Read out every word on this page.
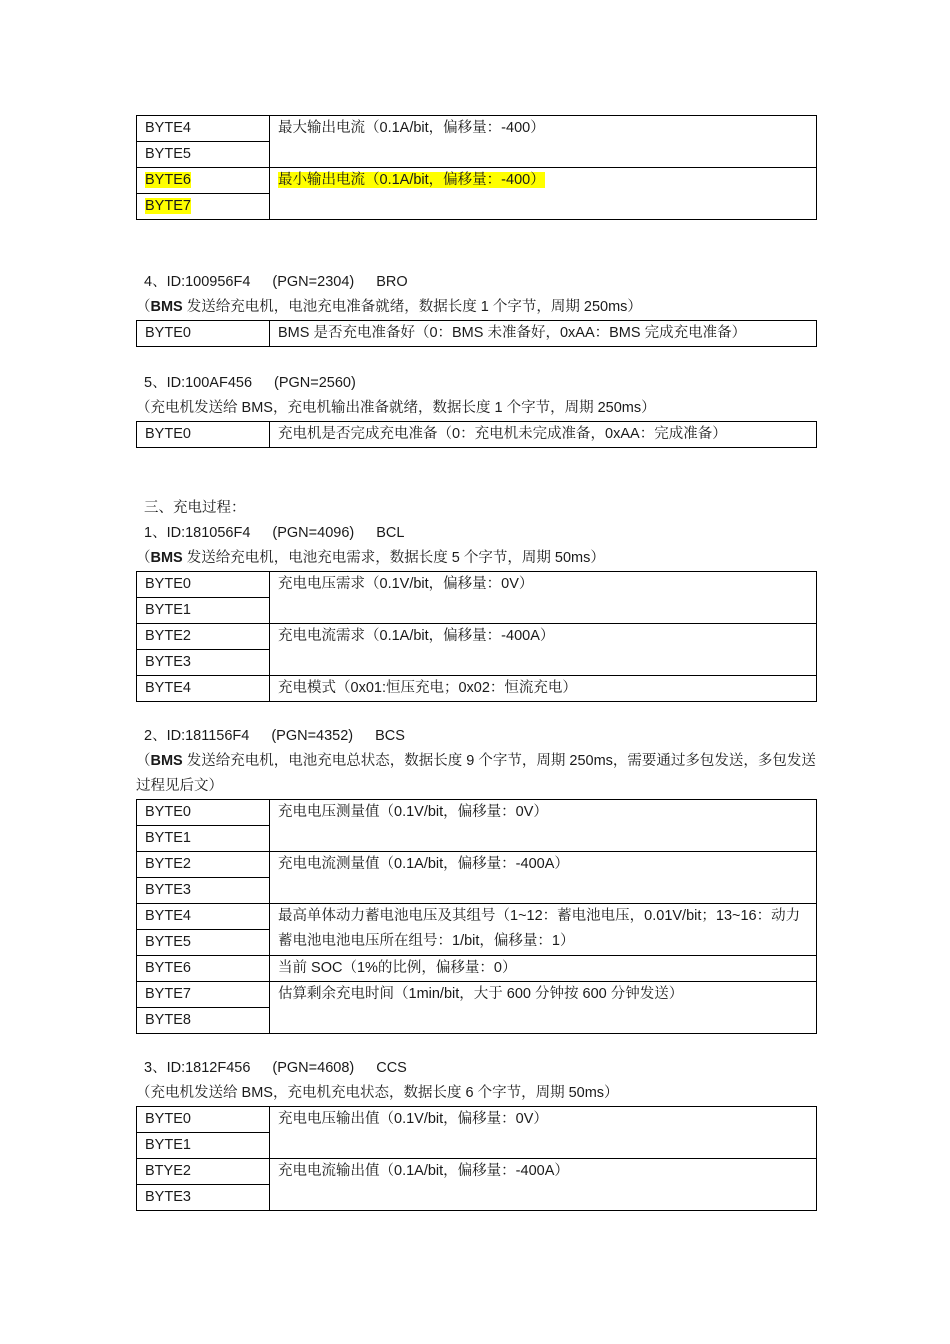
BYTE4	最大输出电流（0.1A/bit，偏移量：-400）
BYTE5	
BYTE6	最小输出电流（0.1A/bit，偏移量：-400）
BYTE7	
4、ID:100956F4 (PGN=2304) BRO
（BMS 发送给充电机，电池充电准备就绪，数据长度 1 个字节，周期 250ms）
BYTE0	BMS 是否充电准备好（0：BMS 未准备好，0xAA：BMS 完成充电准备）
5、ID:100AF456 (PGN=2560)
（充电机发送给 BMS，充电机输出准备就绪，数据长度 1 个字节，周期 250ms）
BYTE0	充电机是否完成充电准备（0：充电机未完成准备，0xAA：完成准备）
三、充电过程：
1、ID:181056F4 (PGN=4096) BCL
（BMS 发送给充电机，电池充电需求，数据长度 5 个字节，周期 50ms）
BYTE0	充电电压需求（0.1V/bit，偏移量：0V）
BYTE1	
BYTE2	充电电流需求（0.1A/bit，偏移量：-400A）
BYTE3	
BYTE4	充电模式（0x01:恒压充电；0x02：恒流充电）
2、ID:181156F4 (PGN=4352) BCS
（BMS 发送给充电机，电池充电总状态，数据长度 9 个字节，周期 250ms，需要通过多包发送，多包发送过程见后文）
BYTE0	充电电压测量值（0.1V/bit，偏移量：0V）
BYTE1	
BYTE2	充电电流测量值（0.1A/bit，偏移量：-400A）
BYTE3	
BYTE4	最高单体动力蓄电池电压及其组号（1~12：蓄电池电压，0.01V/bit；13~16：动力蓄电池电池电压所在组号：1/bit，偏移量：1）
BYTE5	
BYTE6	当前 SOC（1%的比例，偏移量：0）
BYTE7	估算剩余充电时间（1min/bit，大于 600 分钟按 600 分钟发送）
BYTE8	
3、ID:1812F456 (PGN=4608) CCS
（充电机发送给 BMS，充电机充电状态，数据长度 6 个字节，周期 50ms）
BYTE0	充电电压输出值（0.1V/bit，偏移量：0V）
BYTE1	
BTYE2	充电电流输出值（0.1A/bit，偏移量：-400A）
BYTE3	
